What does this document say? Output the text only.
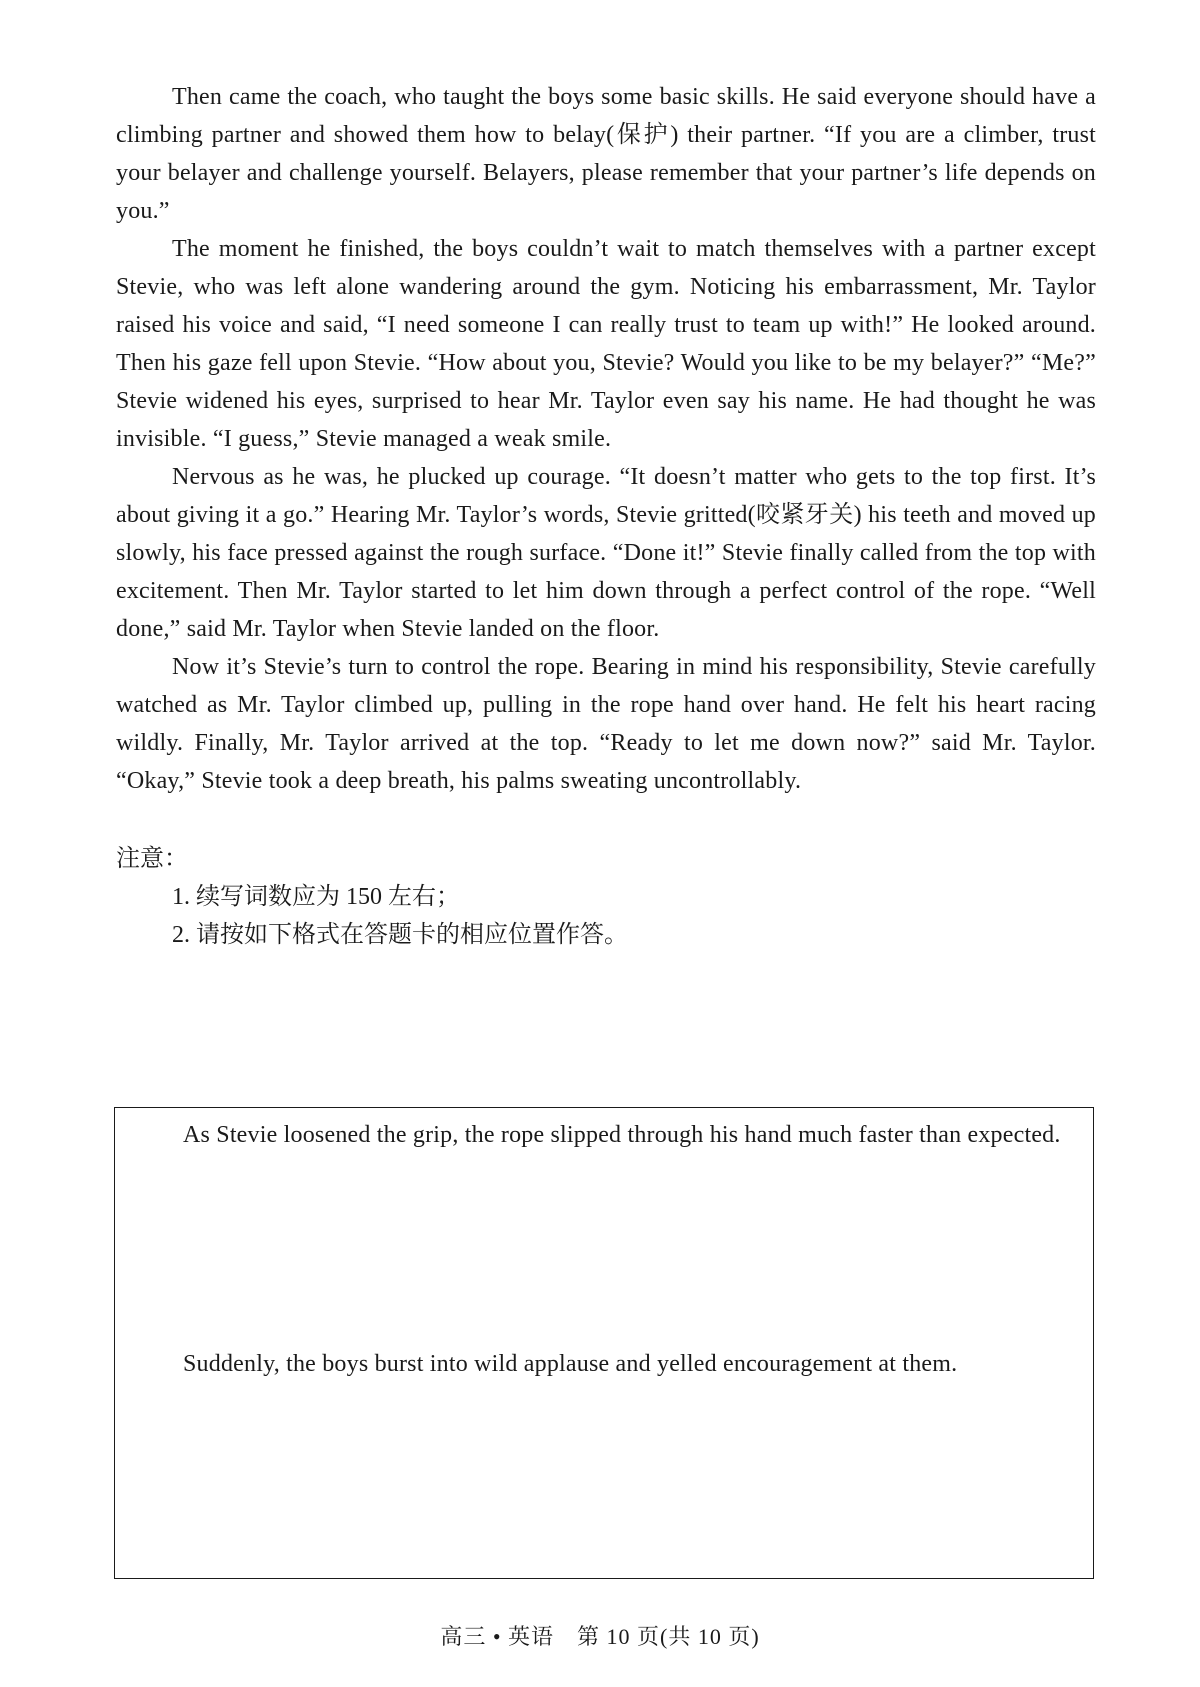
Then came the coach, who taught the boys some basic skills. He said everyone should have a climbing partner and showed them how to belay(保护) their partner. “If you are a climber, trust your belayer and challenge yourself. Belayers, please remember that your partner’s life depends on you.”

The moment he finished, the boys couldn’t wait to match themselves with a partner except Stevie, who was left alone wandering around the gym. Noticing his embarrassment, Mr. Taylor raised his voice and said, “I need someone I can really trust to team up with!” He looked around. Then his gaze fell upon Stevie. “How about you, Stevie? Would you like to be my belayer?” “Me?” Stevie widened his eyes, surprised to hear Mr. Taylor even say his name. He had thought he was invisible. “I guess,” Stevie managed a weak smile.

Nervous as he was, he plucked up courage. “It doesn’t matter who gets to the top first. It’s about giving it a go.” Hearing Mr. Taylor’s words, Stevie gritted(咬紧牙关) his teeth and moved up slowly, his face pressed against the rough surface. “Done it!” Stevie finally called from the top with excitement. Then Mr. Taylor started to let him down through a perfect control of the rope. “Well done,” said Mr. Taylor when Stevie landed on the floor.

Now it’s Stevie’s turn to control the rope. Bearing in mind his responsibility, Stevie carefully watched as Mr. Taylor climbed up, pulling in the rope hand over hand. He felt his heart racing wildly. Finally, Mr. Taylor arrived at the top. “Ready to let me down now?” said Mr. Taylor. “Okay,” Stevie took a deep breath, his palms sweating uncontrollably.

注意：
1. 续写词数应为 150 左右；
2. 请按如下格式在答题卡的相应位置作答。

As Stevie loosened the grip, the rope slipped through his hand much faster than expected.

Suddenly, the boys burst into wild applause and yelled encouragement at them.

高三 • 英语　第 10 页(共 10 页)
